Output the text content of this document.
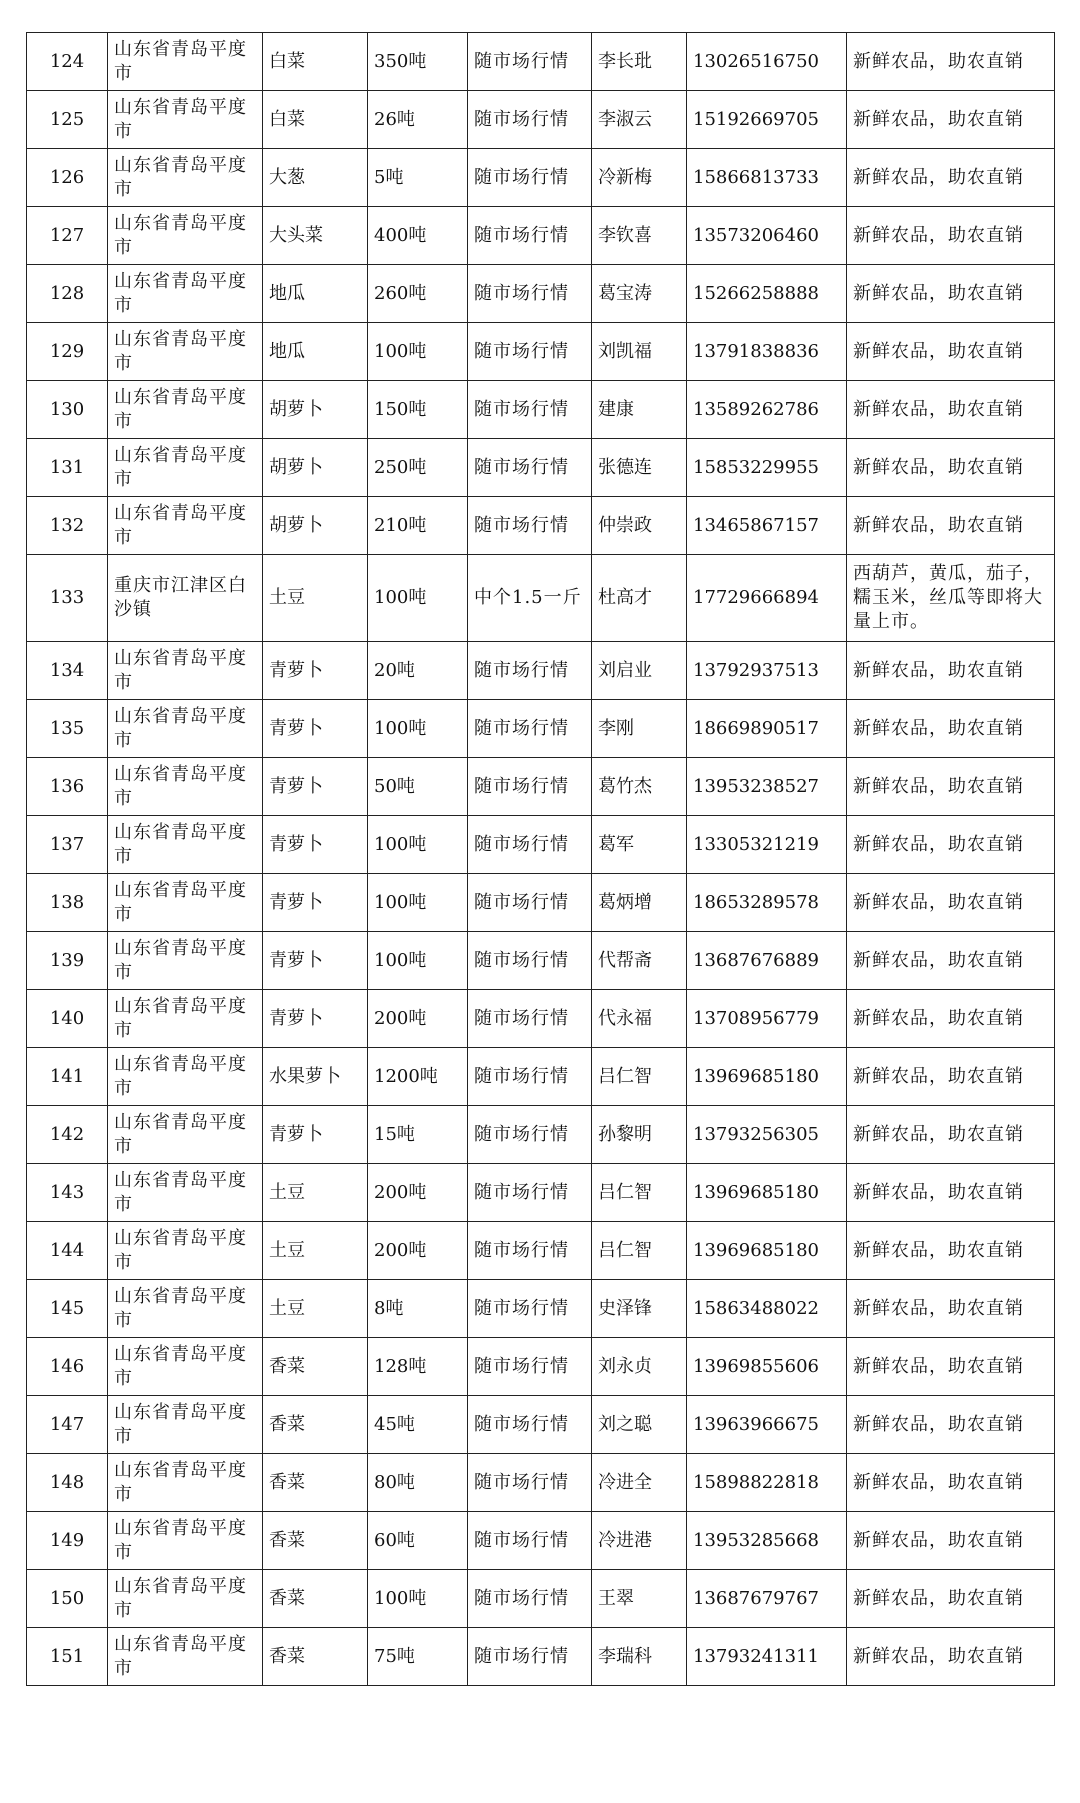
124	山东省青岛平度市	白菜	350吨	随市场行情	李长玭	13026516750	新鲜农品，助农直销
125	山东省青岛平度市	白菜	26吨	随市场行情	李淑云	15192669705	新鲜农品，助农直销
126	山东省青岛平度市	大葱	5吨	随市场行情	冷新梅	15866813733	新鲜农品，助农直销
127	山东省青岛平度市	大头菜	400吨	随市场行情	李钦喜	13573206460	新鲜农品，助农直销
128	山东省青岛平度市	地瓜	260吨	随市场行情	葛宝涛	15266258888	新鲜农品，助农直销
129	山东省青岛平度市	地瓜	100吨	随市场行情	刘凯福	13791838836	新鲜农品，助农直销
130	山东省青岛平度市	胡萝卜	150吨	随市场行情	建康	13589262786	新鲜农品，助农直销
131	山东省青岛平度市	胡萝卜	250吨	随市场行情	张德连	15853229955	新鲜农品，助农直销
132	山东省青岛平度市	胡萝卜	210吨	随市场行情	仲崇政	13465867157	新鲜农品，助农直销
133	重庆市江津区白沙镇	土豆	100吨	中个1.5一斤	杜高才	17729666894	西葫芦，黄瓜，茄子，糯玉米，丝瓜等即将大量上市。
134	山东省青岛平度市	青萝卜	20吨	随市场行情	刘启业	13792937513	新鲜农品，助农直销
135	山东省青岛平度市	青萝卜	100吨	随市场行情	李刚	18669890517	新鲜农品，助农直销
136	山东省青岛平度市	青萝卜	50吨	随市场行情	葛竹杰	13953238527	新鲜农品，助农直销
137	山东省青岛平度市	青萝卜	100吨	随市场行情	葛军	13305321219	新鲜农品，助农直销
138	山东省青岛平度市	青萝卜	100吨	随市场行情	葛炳增	18653289578	新鲜农品，助农直销
139	山东省青岛平度市	青萝卜	100吨	随市场行情	代帮斋	13687676889	新鲜农品，助农直销
140	山东省青岛平度市	青萝卜	200吨	随市场行情	代永福	13708956779	新鲜农品，助农直销
141	山东省青岛平度市	水果萝卜	1200吨	随市场行情	吕仁智	13969685180	新鲜农品，助农直销
142	山东省青岛平度市	青萝卜	15吨	随市场行情	孙黎明	13793256305	新鲜农品，助农直销
143	山东省青岛平度市	土豆	200吨	随市场行情	吕仁智	13969685180	新鲜农品，助农直销
144	山东省青岛平度市	土豆	200吨	随市场行情	吕仁智	13969685180	新鲜农品，助农直销
145	山东省青岛平度市	土豆	8吨	随市场行情	史泽锋	15863488022	新鲜农品，助农直销
146	山东省青岛平度市	香菜	128吨	随市场行情	刘永贞	13969855606	新鲜农品，助农直销
147	山东省青岛平度市	香菜	45吨	随市场行情	刘之聪	13963966675	新鲜农品，助农直销
148	山东省青岛平度市	香菜	80吨	随市场行情	冷进全	15898822818	新鲜农品，助农直销
149	山东省青岛平度市	香菜	60吨	随市场行情	冷进港	13953285668	新鲜农品，助农直销
150	山东省青岛平度市	香菜	100吨	随市场行情	王翠	13687679767	新鲜农品，助农直销
151	山东省青岛平度市	香菜	75吨	随市场行情	李瑞科	13793241311	新鲜农品，助农直销
